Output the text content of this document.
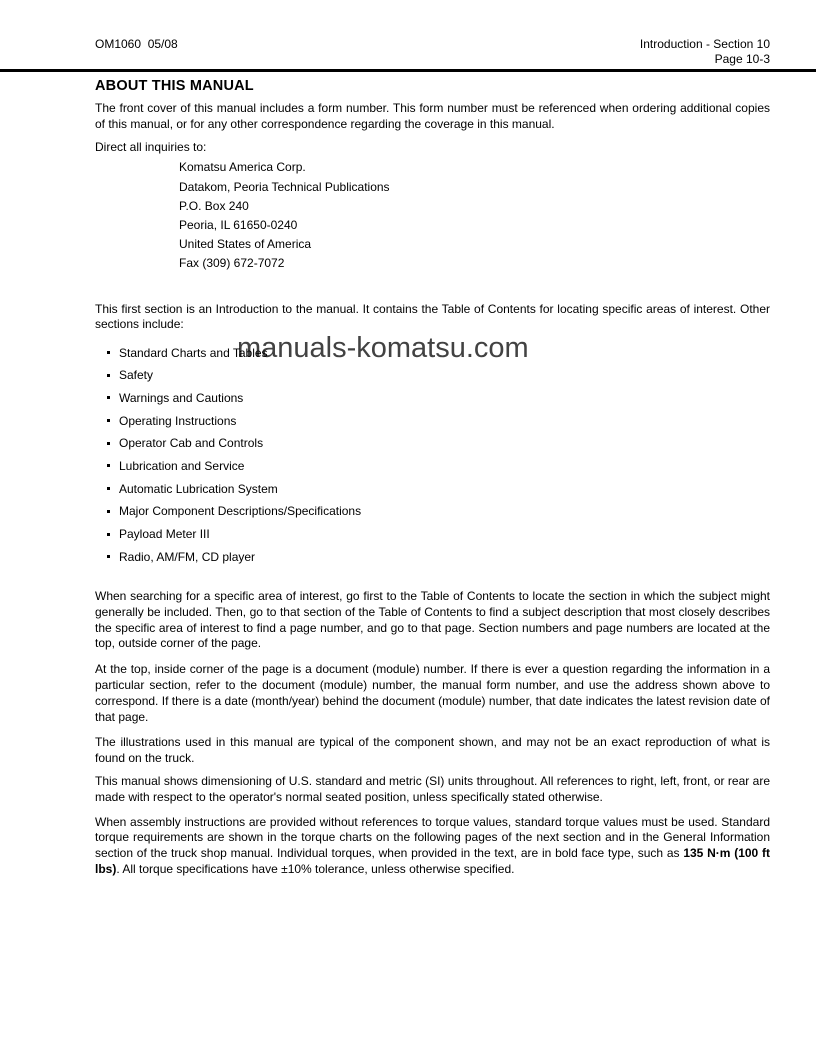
manuals-komatsu.com
OM1060  05/08	Introduction - Section 10
Page 10-3
ABOUT THIS MANUAL

The front cover of this manual includes a form number. This form number must be referenced when ordering additional copies of this manual, or for any other correspondence regarding the coverage in this manual.

Direct all inquiries to:

Komatsu America Corp.
Datakom, Peoria Technical Publications
P.O. Box 240
Peoria, IL 61650-0240
United States of America
Fax (309) 672-7072

This first section is an Introduction to the manual. It contains the Table of Contents for locating specific areas of interest. Other sections include:

Standard Charts and Tables
Safety
Warnings and Cautions
Operating Instructions
Operator Cab and Controls
Lubrication and Service
Automatic Lubrication System
Major Component Descriptions/Specifications
Payload Meter III
Radio, AM/FM, CD player

When searching for a specific area of interest, go first to the Table of Contents to locate the section in which the subject might generally be included. Then, go to that section of the Table of Contents to find a subject description that most closely describes the specific area of interest to find a page number, and go to that page. Section numbers and page numbers are located at the top, outside corner of the page.

At the top, inside corner of the page is a document (module) number. If there is ever a question regarding the information in a particular section, refer to the document (module) number, the manual form number, and use the address shown above to correspond. If there is a date (month/year) behind the document (module) number, that date indicates the latest revision date of that page.

The illustrations used in this manual are typical of the component shown, and may not be an exact reproduction of what is found on the truck.

This manual shows dimensioning of U.S. standard and metric (SI) units throughout. All references to right, left, front, or rear are made with respect to the operator's normal seated position, unless specifically stated otherwise.

When assembly instructions are provided without references to torque values, standard torque values must be used. Standard torque requirements are shown in the torque charts on the following pages of the next section and in the General Information section of the truck shop manual. Individual torques, when provided in the text, are in bold face type, such as 135 N·m (100 ft lbs). All torque specifications have ±10% tolerance, unless otherwise specified.
